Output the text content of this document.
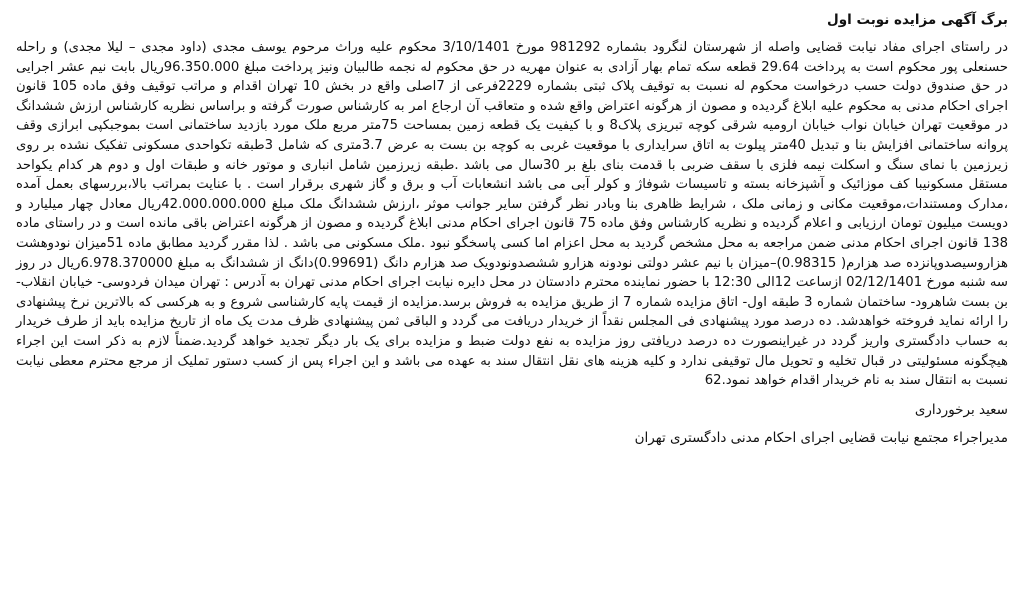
برگ آگهی مزایده نوبت اول

در راستای اجرای مفاد نیابت قضایی واصله از شهرستان لنگرود بشماره 981292 مورخ 3/10/1401 محکوم علیه وراث مرحوم یوسف مجدی (داود مجدی – لیلا مجدی) و راحله حسنعلی پور محکوم است به پرداخت 29.64 قطعه سکه تمام بهار آزادی به عنوان مهریه در حق محکوم له نجمه طالبیان ونیز پرداخت مبلغ 96.350.000ریال بابت نیم عشر اجرایی در حق صندوق دولت حسب درخواست محکوم له نسبت به توقیف پلاک ثبتی بشماره 2229فرعی از 7اصلی واقع در بخش 10 تهران اقدام و مراتب توقیف وفق ماده 105 قانون اجرای احکام مدنی به محکوم علیه ابلاغ گردیده و مصون از هرگونه اعتراض واقع شده و متعاقب آن ارجاع امر به کارشناس صورت گرفته و براساس نظریه کارشناس ارزش ششدانگ در موقعیت تهران خیابان نواب خیابان ارومیه شرقی کوچه تبریزی پلاک8 و با کیفیت یک قطعه زمین بمساحت 75متر مربع ملک مورد بازدید ساختمانی است بموجبکپی ابرازی وقف پروانه ساختمانی افزایش بنا و تبدیل 40متر پیلوت به اتاق سرایداری با موقعیت غربی به کوچه بن بست به عرض 3.7متری که شامل 3طبقه تکواحدی مسکونی تفکیک نشده بر روی زیرزمین با نمای سنگ و اسکلت نیمه فلزی با سقف ضربی با قدمت بنای بلغ بر 30سال می باشد .طبقه زیرزمین شامل انباری و موتور خانه و طبقات اول و دوم هر کدام یکواحد مستقل مسکونیبا کف موزائیک و آشپزخانه بسته و تاسیسات شوفاژ و کولر آبی می باشد انشعابات آب و برق و گاز شهری برقرار است . با عنایت بمراتب بالا،بررسهای بعمل آمده ،مدارک ومستندات،موقعیت مکانی و زمانی ملک ، شرایط ظاهری بنا وبادر نظر گرفتن سایر جوانب موثر ،ارزش ششدانگ ملک مبلغ 42.000.000.000ریال معادل چهار میلیارد و دویست میلیون تومان ارزیابی و اعلام گردیده و نظریه کارشناس وفق ماده 75 قانون اجرای احکام مدنی ابلاغ گردیده و مصون از هرگونه اعتراض باقی مانده است و در راستای ماده 138 قانون اجرای احکام مدنی ضمن مراجعه به محل مشخص گردید به محل اعزام اما کسی پاسخگو نبود .ملک مسکونی می باشد . لذا مقرر گردید مطابق ماده 51میزان نودوهشت هزاروسیصدوپانزده صد هزارم( 0.98315)–میزان با نیم عشر دولتی نودونه هزارو ششصدونودویک صد هزارم دانگ (0.99691)دانگ از ششدانگ به مبلغ 6.978.370000ریال در روز سه شنبه مورخ 02/12/1401 ازساعت 12الی 12:30 با حضور نماینده محترم دادستان در محل دایره نیابت اجرای احکام مدنی تهران به آدرس : تهران میدان فردوسی- خیابان انقلاب- بن بست شاهرود- ساختمان شماره 3 طبقه اول- اتاق مزایده شماره 7 از طریق مزایده به فروش برسد.مزایده از قیمت پایه کارشناسی شروع و به هرکسی که بالاترین نرخ پیشنهادی را ارائه نماید فروخته خواهدشد. ده درصد مورد پیشنهادی فی المجلس نقداً از خریدار دریافت می گردد و الباقی ثمن پیشنهادی ظرف مدت یک ماه از تاریخ مزایده باید از طرف خریدار به حساب دادگستری واریز گردد در غیراینصورت ده درصد دریافتی روز مزایده به نفع دولت ضبط و مزایده برای یک بار دیگر تجدید خواهد گردید.ضمناً لازم به ذکر است این اجراء هیچگونه مسئولیتی در قبال تخلیه و تحویل مال توقیفی ندارد و کلیه هزینه های نقل انتقال سند به عهده می باشد و این اجراء پس از کسب دستور تملیک از مرجع محترم معطی نیابت نسبت به انتقال سند به نام خریدار اقدام خواهد نمود.62

سعید برخورداری
مدیراجراء مجتمع نیابت قضایی اجرای احکام مدنی دادگستری تهران
